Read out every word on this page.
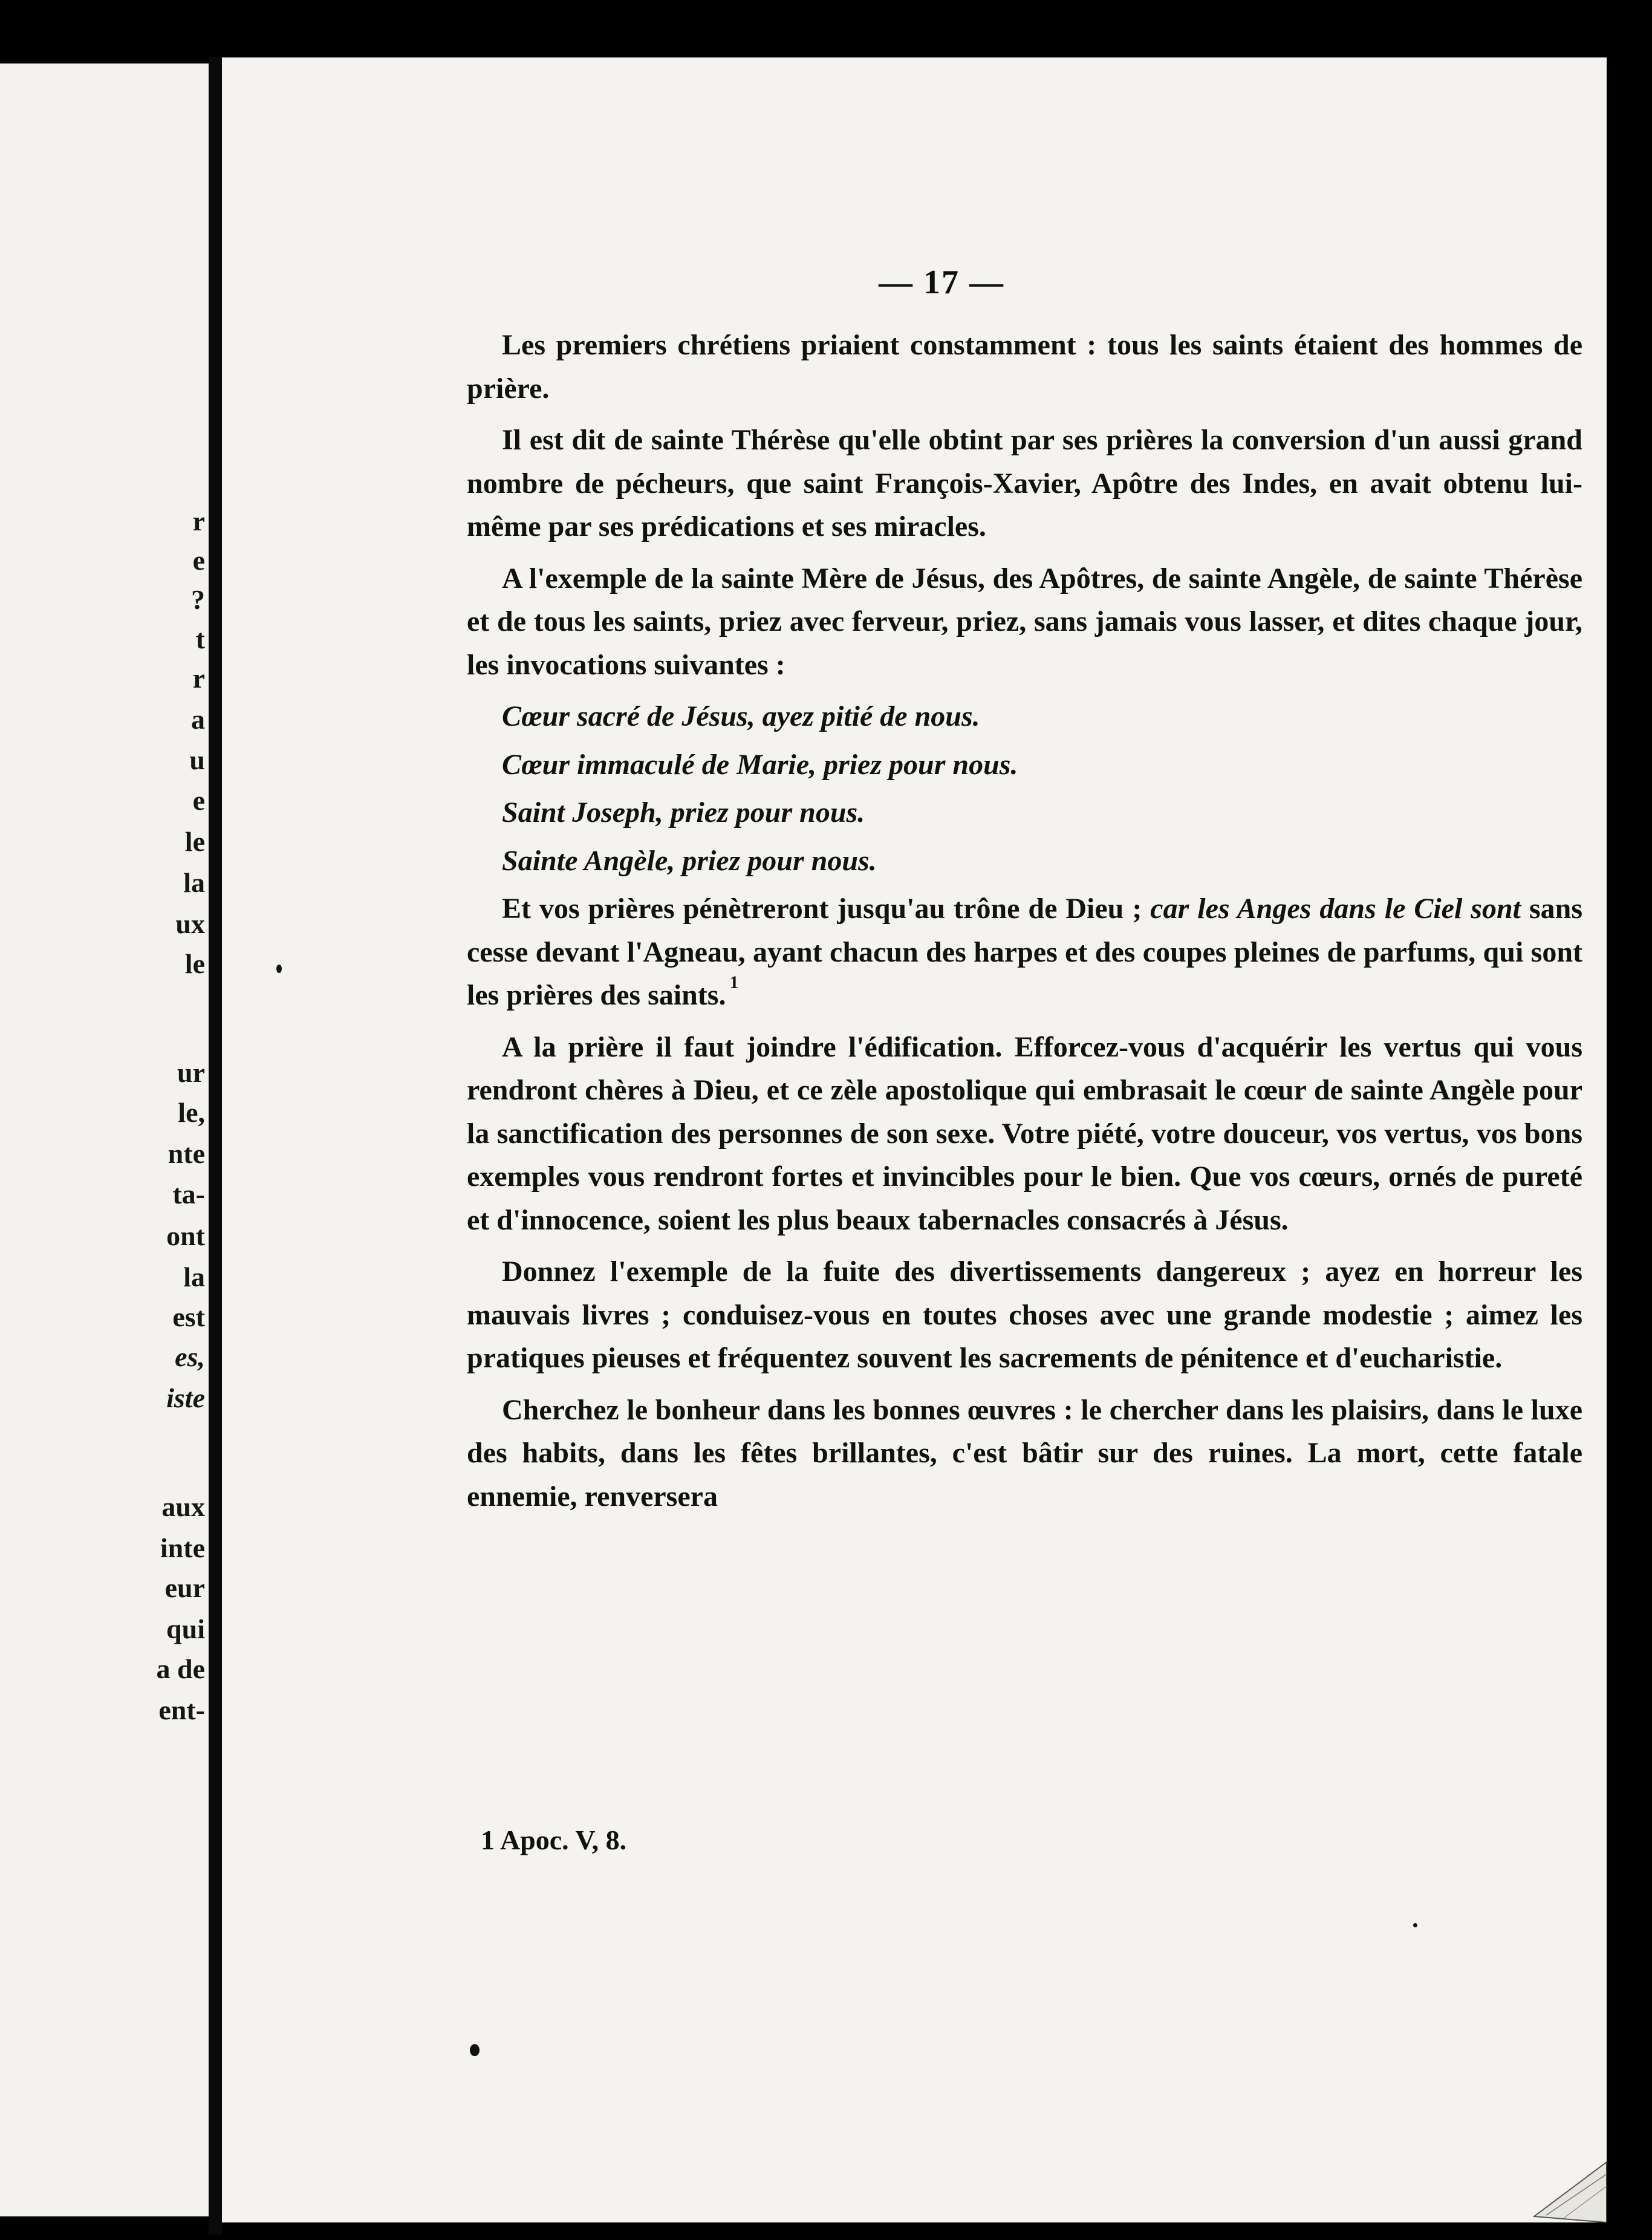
r
e
?
t
r
a
u
e
le
la
ux
le
ur
le,
nte
ta-
ont
la
est
es,
iste
aux
inte
eur
qui
a de
ent-
— 17 —

Les premiers chrétiens priaient constamment : tous les saints étaient des hommes de prière.

Il est dit de sainte Thérèse qu'elle obtint par ses prières la conversion d'un aussi grand nombre de pécheurs, que saint François-Xavier, Apôtre des Indes, en avait obtenu lui-même par ses prédications et ses miracles.

A l'exemple de la sainte Mère de Jésus, des Apôtres, de sainte Angèle, de sainte Thérèse et de tous les saints, priez avec ferveur, priez, sans jamais vous lasser, et dites chaque jour, les invocations suivantes :

Cœur sacré de Jésus, ayez pitié de nous.

Cœur immaculé de Marie, priez pour nous.

Saint Joseph, priez pour nous.

Sainte Angèle, priez pour nous.

Et vos prières pénètreront jusqu'au trône de Dieu ; car les Anges dans le Ciel sont sans cesse devant l'Agneau, ayant chacun des harpes et des coupes pleines de parfums, qui sont les prières des saints. $^1$

A la prière il faut joindre l'édification. Efforcez-vous d'acquérir les vertus qui vous rendront chères à Dieu, et ce zèle apostolique qui embrasait le cœur de sainte Angèle pour la sanctification des personnes de son sexe. Votre piété, votre douceur, vos vertus, vos bons exemples vous rendront fortes et invincibles pour le bien. Que vos cœurs, ornés de pureté et d'innocence, soient les plus beaux tabernacles consacrés à Jésus.

Donnez l'exemple de la fuite des divertissements dangereux ; ayez en horreur les mauvais livres ; conduisez-vous en toutes choses avec une grande modestie ; aimez les pratiques pieuses et fréquentez souvent les sacrements de pénitence et d'eucharistie.

Cherchez le bonheur dans les bonnes œuvres : le chercher dans les plaisirs, dans le luxe des habits, dans les fêtes brillantes, c'est bâtir sur des ruines. La mort, cette fatale ennemie, renversera

1 Apoc. V, 8.
